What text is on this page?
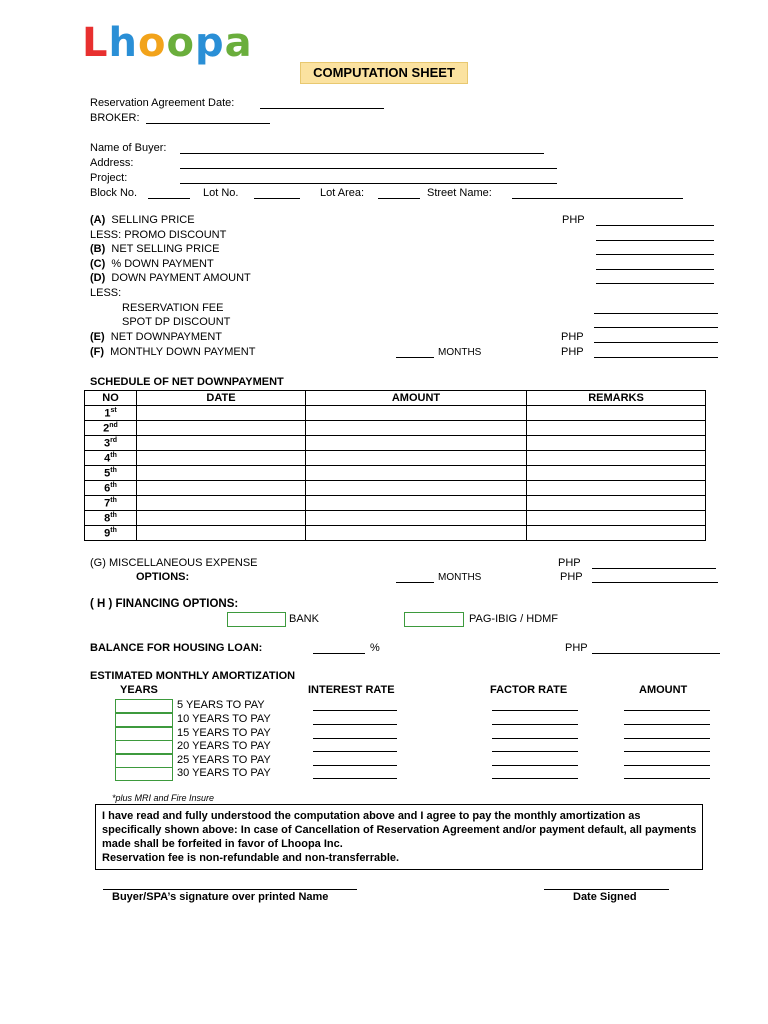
Lhoopa
COMPUTATION SHEET
Reservation Agreement Date:
BROKER:
Name of Buyer:
Address:
Project:
Block No.	Lot No.	Lot Area:	Street Name:
(A) SELLING PRICE	PHP
LESS: PROMO DISCOUNT
(B) NET SELLING PRICE
(C) % DOWN PAYMENT
(D) DOWN PAYMENT AMOUNT
LESS:
RESERVATION FEE
SPOT DP DISCOUNT
(E) NET DOWNPAYMENT	PHP
(F) MONTHLY DOWN PAYMENT	MONTHS	PHP
SCHEDULE OF NET DOWNPAYMENT
NO	DATE	AMOUNT	REMARKS
1st			
2nd			
3rd			
4th			
5th			
6th			
7th			
8th			
9th			
(G) MISCELLANEOUS EXPENSE	PHP
OPTIONS:	MONTHS	PHP
( H ) FINANCING OPTIONS:
BANK	PAG-IBIG / HDMF
BALANCE FOR HOUSING LOAN:	%	PHP
ESTIMATED MONTHLY AMORTIZATION
YEARS	INTEREST RATE	FACTOR RATE	AMOUNT
5 YEARS TO PAY
10 YEARS TO PAY
15 YEARS TO PAY
20 YEARS TO PAY
25 YEARS TO PAY
30 YEARS TO PAY
*plus MRI and Fire Insure
I have read and fully understood the computation above and I agree to pay the monthly amortization as specifically shown above: In case of Cancellation of Reservation Agreement and/or payment default, all payments made shall be forfeited in favor of Lhoopa Inc.
Reservation fee is non-refundable and non-transferrable.
Buyer/SPA’s signature over printed Name	Date Signed
